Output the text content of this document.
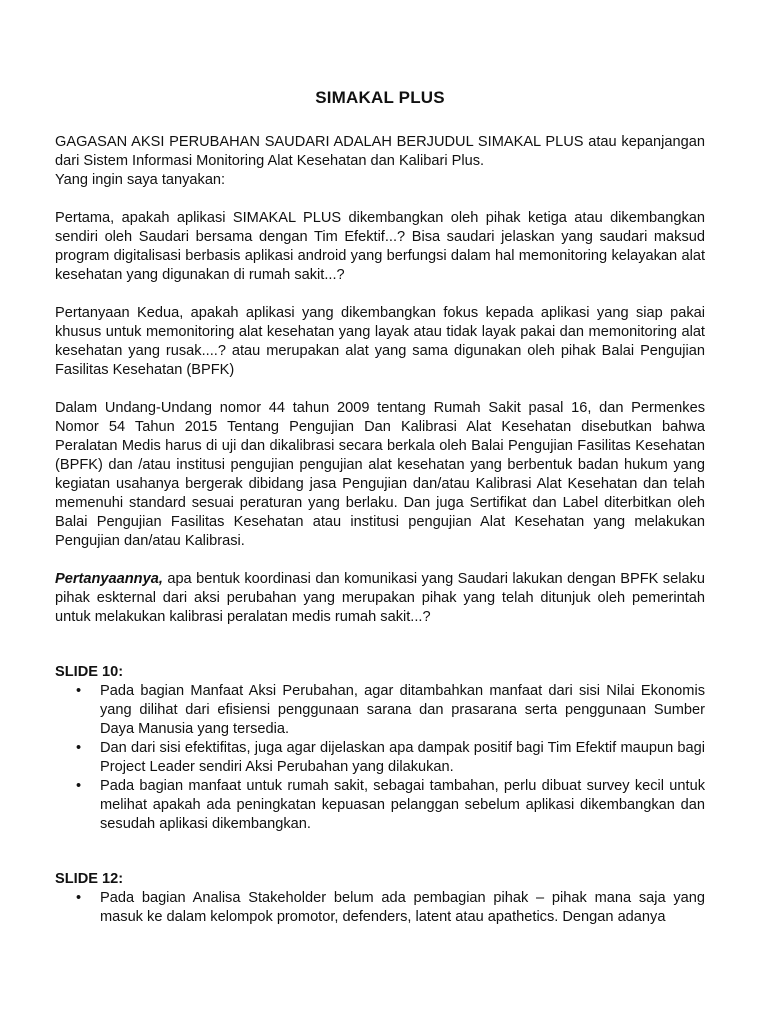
SIMAKAL PLUS

GAGASAN AKSI PERUBAHAN SAUDARI ADALAH BERJUDUL SIMAKAL PLUS atau kepanjangan dari Sistem Informasi Monitoring Alat Kesehatan dan Kalibari Plus.

Yang ingin saya tanyakan:

Pertama, apakah aplikasi SIMAKAL PLUS dikembangkan oleh pihak ketiga atau dikembangkan sendiri oleh Saudari bersama dengan Tim Efektif...? Bisa saudari jelaskan yang saudari maksud program digitalisasi berbasis aplikasi android yang berfungsi dalam hal memonitoring kelayakan alat kesehatan yang digunakan di rumah sakit...?

Pertanyaan Kedua, apakah aplikasi yang dikembangkan fokus kepada aplikasi yang siap pakai khusus untuk memonitoring alat kesehatan yang layak atau tidak layak pakai dan memonitoring alat kesehatan yang rusak....? atau merupakan alat yang sama digunakan oleh pihak Balai Pengujian Fasilitas Kesehatan (BPFK)

Dalam Undang-Undang nomor 44 tahun 2009 tentang Rumah Sakit pasal 16, dan Permenkes Nomor 54 Tahun 2015 Tentang Pengujian Dan Kalibrasi Alat Kesehatan disebutkan bahwa Peralatan Medis harus di uji dan dikalibrasi secara berkala oleh Balai Pengujian Fasilitas Kesehatan (BPFK) dan /atau institusi pengujian pengujian alat kesehatan yang berbentuk badan hukum yang kegiatan usahanya bergerak dibidang jasa Pengujian dan/atau Kalibrasi Alat Kesehatan dan telah memenuhi standard sesuai peraturan yang berlaku. Dan juga Sertifikat dan Label diterbitkan oleh Balai Pengujian Fasilitas Kesehatan atau institusi pengujian Alat Kesehatan yang melakukan Pengujian dan/atau Kalibrasi.

Pertanyaannya, apa bentuk koordinasi dan komunikasi yang Saudari lakukan dengan BPFK selaku pihak eskternal dari aksi perubahan yang merupakan pihak yang telah ditunjuk oleh pemerintah untuk melakukan kalibrasi peralatan medis rumah sakit...?

SLIDE 10:
• Pada bagian Manfaat Aksi Perubahan, agar ditambahkan manfaat dari sisi Nilai Ekonomis yang dilihat dari efisiensi penggunaan sarana dan prasarana serta penggunaan Sumber Daya Manusia yang tersedia.
• Dan dari sisi efektifitas, juga agar dijelaskan apa dampak positif bagi Tim Efektif maupun bagi Project Leader sendiri Aksi Perubahan yang dilakukan.
• Pada bagian manfaat untuk rumah sakit, sebagai tambahan, perlu dibuat survey kecil untuk melihat apakah ada peningkatan kepuasan pelanggan sebelum aplikasi dikembangkan dan sesudah aplikasi dikembangkan.
SLIDE 12:
• Pada bagian Analisa Stakeholder belum ada pembagian pihak – pihak mana saja yang masuk ke dalam kelompok promotor, defenders, latent atau apathetics. Dengan adanya
